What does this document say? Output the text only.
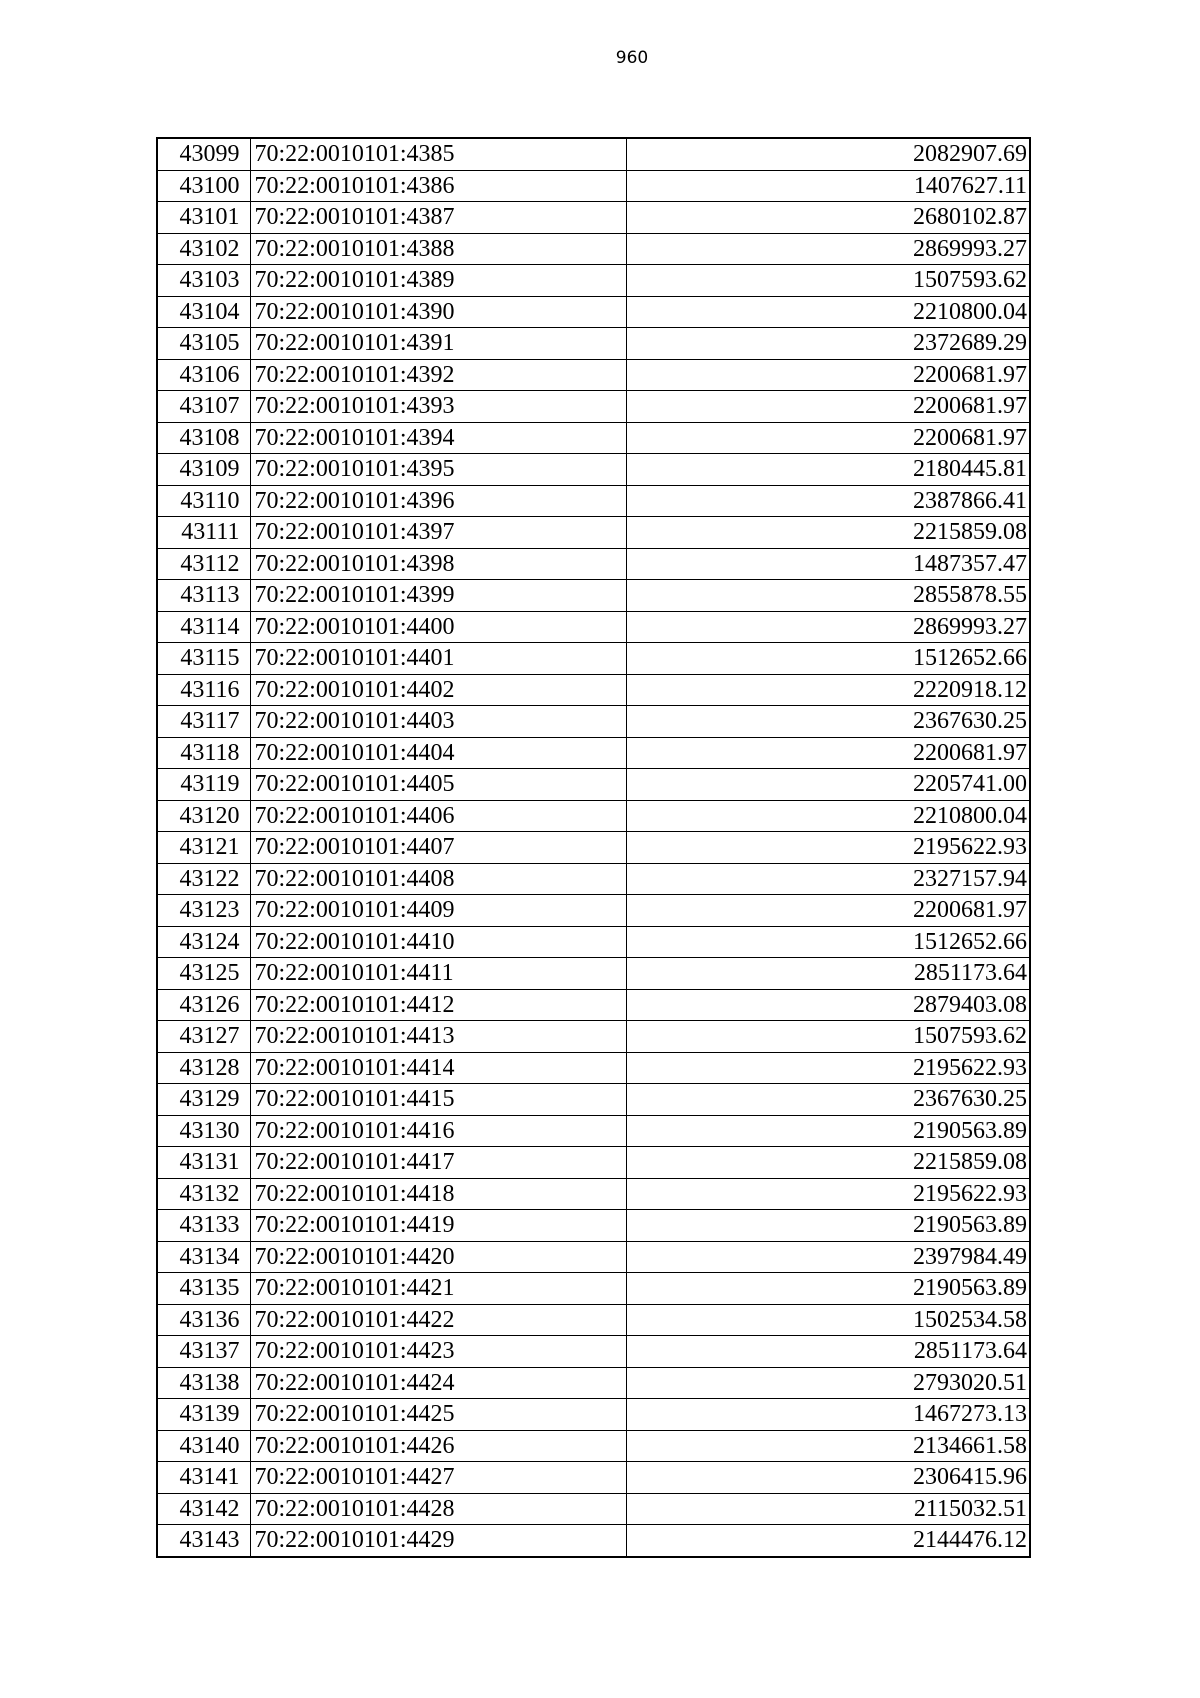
960
43099	70:22:0010101:4385	2082907.69
43100	70:22:0010101:4386	1407627.11
43101	70:22:0010101:4387	2680102.87
43102	70:22:0010101:4388	2869993.27
43103	70:22:0010101:4389	1507593.62
43104	70:22:0010101:4390	2210800.04
43105	70:22:0010101:4391	2372689.29
43106	70:22:0010101:4392	2200681.97
43107	70:22:0010101:4393	2200681.97
43108	70:22:0010101:4394	2200681.97
43109	70:22:0010101:4395	2180445.81
43110	70:22:0010101:4396	2387866.41
43111	70:22:0010101:4397	2215859.08
43112	70:22:0010101:4398	1487357.47
43113	70:22:0010101:4399	2855878.55
43114	70:22:0010101:4400	2869993.27
43115	70:22:0010101:4401	1512652.66
43116	70:22:0010101:4402	2220918.12
43117	70:22:0010101:4403	2367630.25
43118	70:22:0010101:4404	2200681.97
43119	70:22:0010101:4405	2205741.00
43120	70:22:0010101:4406	2210800.04
43121	70:22:0010101:4407	2195622.93
43122	70:22:0010101:4408	2327157.94
43123	70:22:0010101:4409	2200681.97
43124	70:22:0010101:4410	1512652.66
43125	70:22:0010101:4411	2851173.64
43126	70:22:0010101:4412	2879403.08
43127	70:22:0010101:4413	1507593.62
43128	70:22:0010101:4414	2195622.93
43129	70:22:0010101:4415	2367630.25
43130	70:22:0010101:4416	2190563.89
43131	70:22:0010101:4417	2215859.08
43132	70:22:0010101:4418	2195622.93
43133	70:22:0010101:4419	2190563.89
43134	70:22:0010101:4420	2397984.49
43135	70:22:0010101:4421	2190563.89
43136	70:22:0010101:4422	1502534.58
43137	70:22:0010101:4423	2851173.64
43138	70:22:0010101:4424	2793020.51
43139	70:22:0010101:4425	1467273.13
43140	70:22:0010101:4426	2134661.58
43141	70:22:0010101:4427	2306415.96
43142	70:22:0010101:4428	2115032.51
43143	70:22:0010101:4429	2144476.12
